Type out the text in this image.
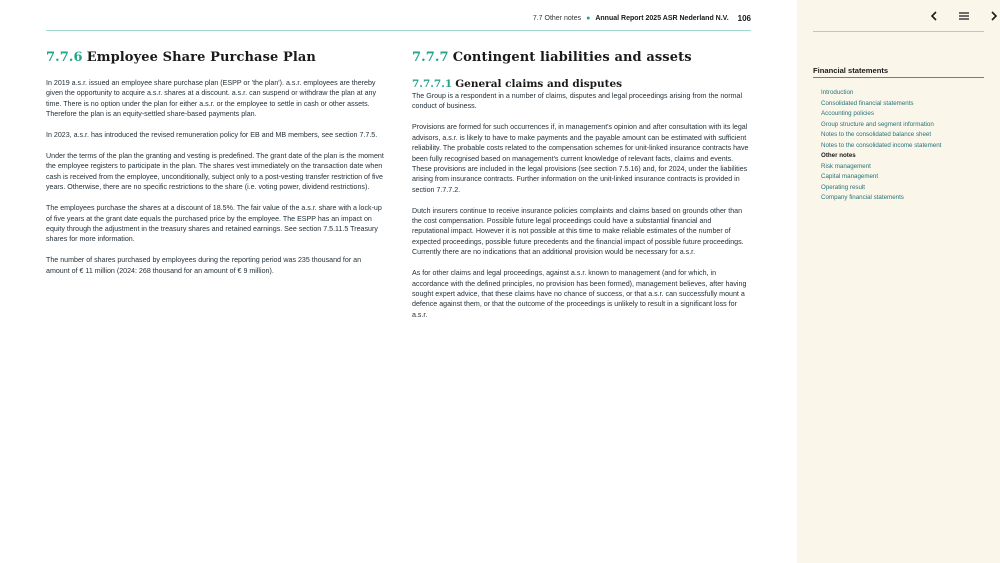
7.7 Other notes ● Annual Report 2025 ASR Nederland N.V. 106
7.7.6 Employee Share Purchase Plan

In 2019 a.s.r. issued an employee share purchase plan (ESPP or 'the plan'). a.s.r. employees are thereby given the opportunity to acquire a.s.r. shares at a discount. a.s.r. can suspend or withdraw the plan at any time. There is no option under the plan for either a.s.r. or the employee to settle in cash or other assets. Therefore the plan is an equity-settled share-based payments plan.

In 2023, a.s.r. has introduced the revised remuneration policy for EB and MB members, see section 7.7.5.

Under the terms of the plan the granting and vesting is predefined. The grant date of the plan is the moment the employee registers to participate in the plan. The shares vest immediately on the transaction date when cash is received from the employee, unconditionally, subject only to a post-vesting transfer restriction of five years. Otherwise, there are no specific restrictions to the share (i.e. voting power, dividend restrictions).

The employees purchase the shares at a discount of 18.5%. The fair value of the a.s.r. share with a lock-up of five years at the grant date equals the purchased price by the employee. The ESPP has an impact on equity through the adjustment in the treasury shares and retained earnings. See section 7.5.11.5 Treasury shares for more information.

The number of shares purchased by employees during the reporting period was 235 thousand for an amount of € 11 million (2024: 268 thousand for an amount of € 9 million).

7.7.7 Contingent liabilities and assets
7.7.7.1 General claims and disputes

The Group is a respondent in a number of claims, disputes and legal proceedings arising from the normal conduct of business.

Provisions are formed for such occurrences if, in management's opinion and after consultation with its legal advisors, a.s.r. is likely to have to make payments and the payable amount can be estimated with sufficient reliability. The probable costs related to the compensation schemes for unit-linked insurance contracts have been fully recognised based on management's current knowledge of relevant facts, claims and events. These provisions are included in the legal provisions (see section 7.5.16) and, for 2024, under the liabilities arising from insurance contracts. Further information on the unit-linked insurance contracts is provided in section 7.7.7.2.

Dutch insurers continue to receive insurance policies complaints and claims based on grounds other than the cost compensation. Possible future legal proceedings could have a substantial financial and reputational impact. However it is not possible at this time to make reliable estimates of the number of expected proceedings, possible future precedents and the financial impact of possible future proceedings. Currently there are no indications that an additional provision would be necessary for a.s.r.

As for other claims and legal proceedings, against a.s.r. known to management (and for which, in accordance with the defined principles, no provision has been formed), management believes, after having sought expert advice, that these claims have no chance of success, or that a.s.r. can successfully mount a defence against them, or that the outcome of the proceedings is unlikely to result in a significant loss for a.s.r.

Financial statements
Introduction
Consolidated financial statements
Accounting policies
Group structure and segment information
Notes to the consolidated balance sheet
Notes to the consolidated income statement
Other notes
Risk management
Capital management
Operating result
Company financial statements
